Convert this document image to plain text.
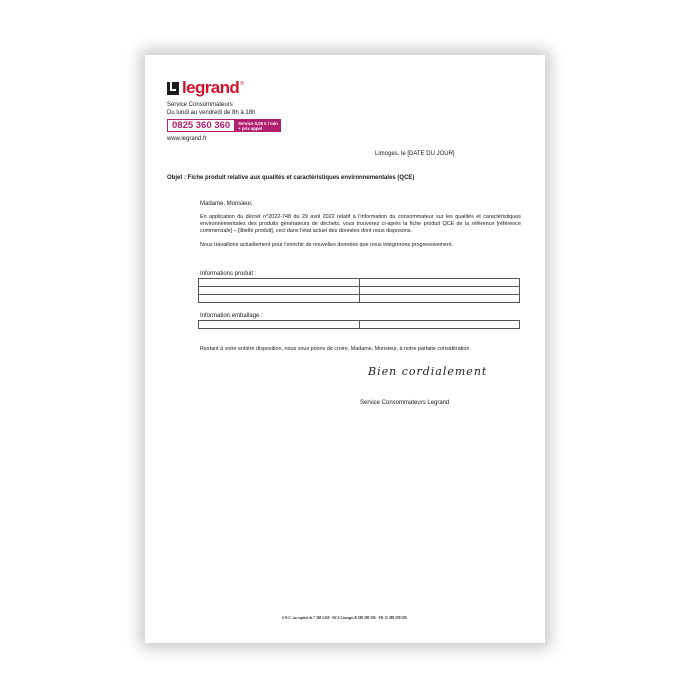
legrand ®
Service Consommateurs
Du lundi au vendredi de 8h à 18h
0825 360 360	Service 0,05 € / min
+ prix appel
www.legrand.fr
Limoges, le [DATE DU JOUR]
Objet : Fiche produit relative aux qualités et caractéristiques environnementales (QCE)
Madame, Monsieur,
En application du décret n°2022-748 du 29 avril 2022 relatif à l'information du consommateur sur les qualités et caractéristiques environnementales des produits générateurs de déchets, vous trouverez ci-après la fiche produit QCE de la référence [référence commerciale] – [libellé produit], ceci dans l'état actuel des données dont nous disposons.
Nous travaillons actuellement pour l'enrichir de nouvelles données que nous intégrerons progressivement.
Informations produit :

Information emballage :

Restant à votre entière disposition, nous vous prions de croire, Madame, Monsieur, à notre parfaite considération.
Bien cordialement
Service Consommateurs Legrand
S.N.C. au capital de 7 368 5450 - RCS Limoges B 389 290 586 - FR 15 389 290 586
